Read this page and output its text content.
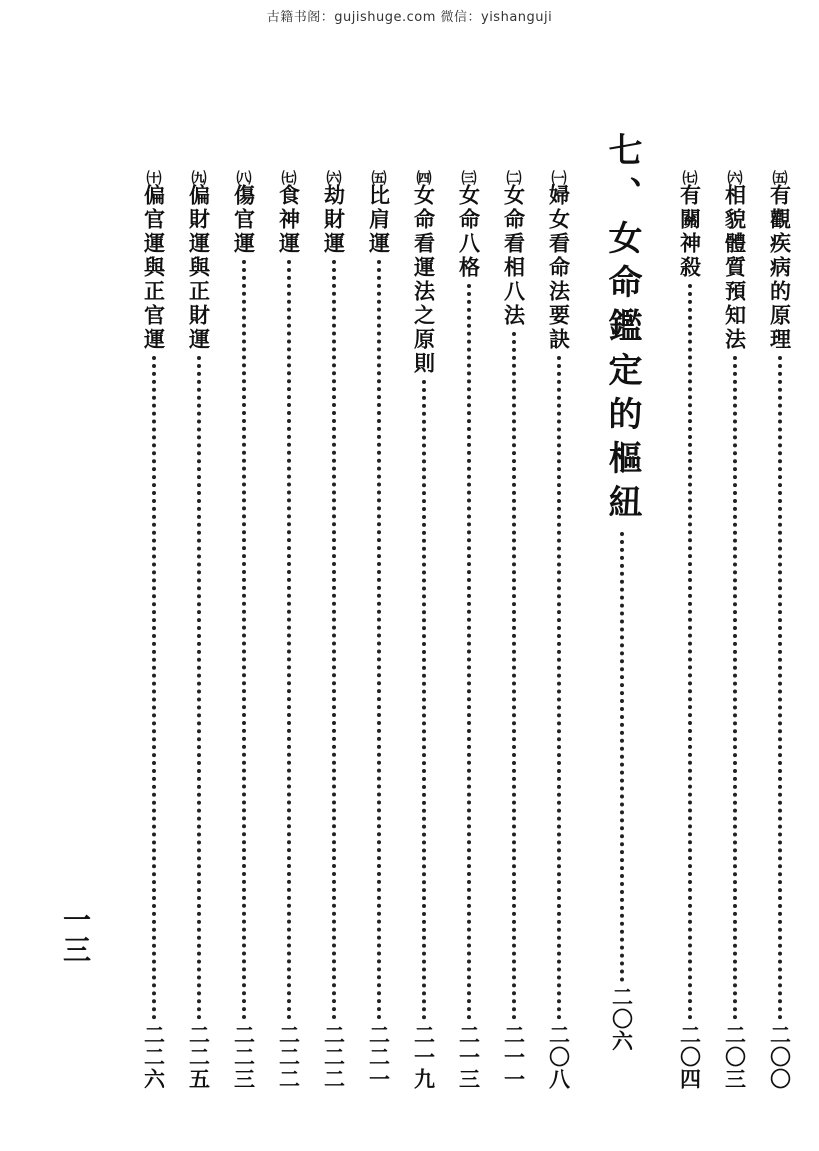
古籍书阁：gujishuge.com 微信：yishanguji
㈤有觀疾病的原理
二〇〇
㈥相貌體質預知法
二〇三
㈦有關神殺
二〇四
七、女命鑑定的樞紐
二〇六
㈠婦女看命法要訣
二〇八
㈡女命看相八法
二一一
㈢女命八格
二一三
㈣女命看運法之原則
二一九
㈤比肩運
二二一
㈥劫財運
二二二
㈦食神運
二二二
㈧傷官運
二二三
㈨偏財運與正財運
二二五
㈩偏官運與正官運
二二六
一三
